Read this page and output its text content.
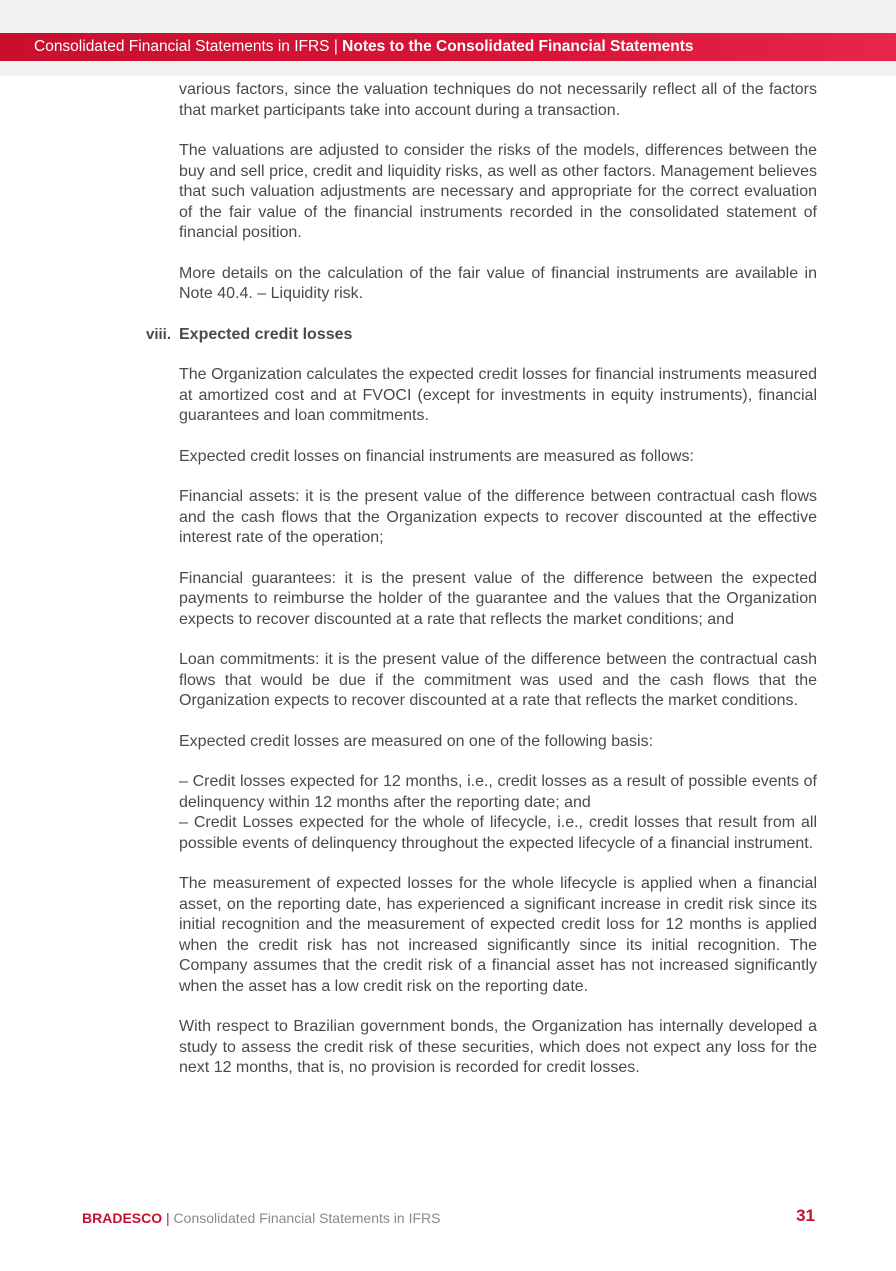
Consolidated Financial Statements in IFRS | Notes to the Consolidated Financial Statements

various factors, since the valuation techniques do not necessarily reflect all of the factors that market participants take into account during a transaction.

The valuations are adjusted to consider the risks of the models, differences between the buy and sell price, credit and liquidity risks, as well as other factors. Management believes that such valuation adjustments are necessary and appropriate for the correct evaluation of the fair value of the financial instruments recorded in the consolidated statement of financial position.

More details on the calculation of the fair value of financial instruments are available in Note 40.4. – Liquidity risk.

viii. Expected credit losses

The Organization calculates the expected credit losses for financial instruments measured at amortized cost and at FVOCI (except for investments in equity instruments), financial guarantees and loan commitments.

Expected credit losses on financial instruments are measured as follows:

Financial assets: it is the present value of the difference between contractual cash flows and the cash flows that the Organization expects to recover discounted at the effective interest rate of the operation;

Financial guarantees: it is the present value of the difference between the expected payments to reimburse the holder of the guarantee and the values that the Organization expects to recover discounted at a rate that reflects the market conditions; and

Loan commitments: it is the present value of the difference between the contractual cash flows that would be due if the commitment was used and the cash flows that the Organization expects to recover discounted at a rate that reflects the market conditions.

Expected credit losses are measured on one of the following basis:

– Credit losses expected for 12 months, i.e., credit losses as a result of possible events of delinquency within 12 months after the reporting date; and
– Credit Losses expected for the whole of lifecycle, i.e., credit losses that result from all possible events of delinquency throughout the expected lifecycle of a financial instrument.

The measurement of expected losses for the whole lifecycle is applied when a financial asset, on the reporting date, has experienced a significant increase in credit risk since its initial recognition and the measurement of expected credit loss for 12 months is applied when the credit risk has not increased significantly since its initial recognition. The Company assumes that the credit risk of a financial asset has not increased significantly when the asset has a low credit risk on the reporting date.

With respect to Brazilian government bonds, the Organization has internally developed a study to assess the credit risk of these securities, which does not expect any loss for the next 12 months, that is, no provision is recorded for credit losses.

BRADESCO | Consolidated Financial Statements in IFRS	31
